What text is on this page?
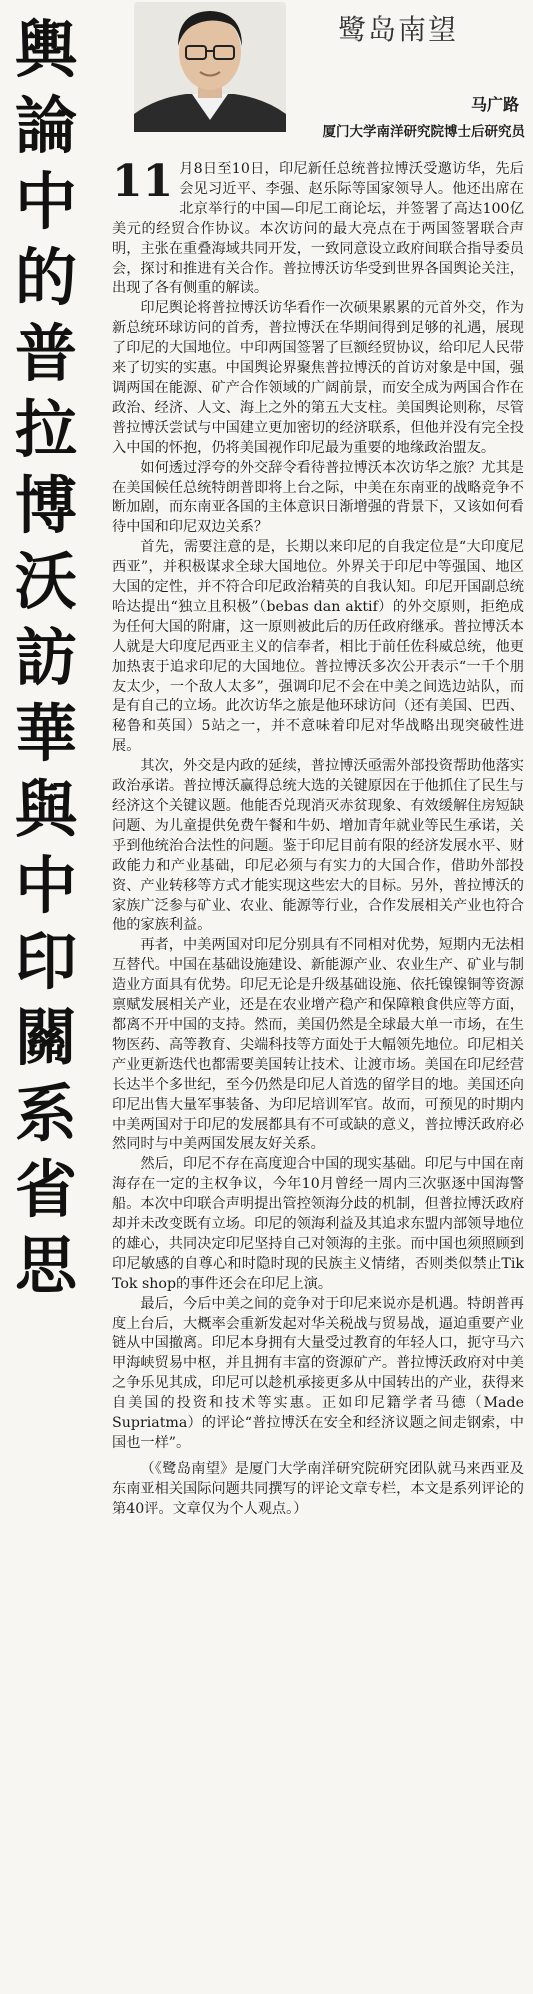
輿
論
中
的
普
拉
博
沃
訪
華
與
中
印
關
系
省
思
鹭岛南望
马广路
厦门大学南洋研究院博士后研究员

11 月8日至10日，印尼新任总统普拉博沃受邀访华，先后会见习近平、李强、赵乐际等国家领导人。他还出席在北京举行的中国—印尼工商论坛，并签署了高达100亿美元的经贸合作协议。本次访问的最大亮点在于两国签署联合声明，主张在重叠海域共同开发，一致同意设立政府间联合指导委员会，探讨和推进有关合作。普拉博沃访华受到世界各国舆论关注，出现了各有侧重的解读。

印尼舆论将普拉博沃访华看作一次硕果累累的元首外交，作为新总统环球访问的首秀，普拉博沃在华期间得到足够的礼遇，展现了印尼的大国地位。中印两国签署了巨额经贸协议，给印尼人民带来了切实的实惠。中国舆论界聚焦普拉博沃的首访对象是中国，强调两国在能源、矿产合作领域的广阔前景，而安全成为两国合作在政治、经济、人文、海上之外的第五大支柱。美国舆论则称，尽管普拉博沃尝试与中国建立更加密切的经济联系，但他并没有完全投入中国的怀抱，仍将美国视作印尼最为重要的地缘政治盟友。

如何透过浮夸的外交辞令看待普拉博沃本次访华之旅？尤其是在美国候任总统特朗普即将上台之际，中美在东南亚的战略竞争不断加剧，而东南亚各国的主体意识日渐增强的背景下，又该如何看待中国和印尼双边关系？

首先，需要注意的是，长期以来印尼的自我定位是“大印度尼西亚”，并积极谋求全球大国地位。外界关于印尼中等强国、地区大国的定性，并不符合印尼政治精英的自我认知。印尼开国副总统哈达提出“独立且积极”（bebas dan aktif）的外交原则，拒绝成为任何大国的附庸，这一原则被此后的历任政府继承。普拉博沃本人就是大印度尼西亚主义的信奉者，相比于前任佐科威总统，他更加热衷于追求印尼的大国地位。普拉博沃多次公开表示“一千个朋友太少，一个敌人太多”，强调印尼不会在中美之间选边站队，而是有自己的立场。此次访华之旅是他环球访问（还有美国、巴西、秘鲁和英国）5站之一，并不意味着印尼对华战略出现突破性进展。

其次，外交是内政的延续，普拉博沃亟需外部投资帮助他落实政治承诺。普拉博沃赢得总统大选的关键原因在于他抓住了民生与经济这个关键议题。他能否兑现消灭赤贫现象、有效缓解住房短缺问题、为儿童提供免费午餐和牛奶、增加青年就业等民生承诺，关乎到他统治合法性的问题。鉴于印尼目前有限的经济发展水平、财政能力和产业基础，印尼必须与有实力的大国合作，借助外部投资、产业转移等方式才能实现这些宏大的目标。另外，普拉博沃的家族广泛参与矿业、农业、能源等行业，合作发展相关产业也符合他的家族利益。

再者，中美两国对印尼分别具有不同相对优势，短期内无法相互替代。中国在基础设施建设、新能源产业、农业生产、矿业与制造业方面具有优势。印尼无论是升级基础设施、依托镍镍铜等资源禀赋发展相关产业，还是在农业增产稳产和保障粮食供应等方面，都离不开中国的支持。然而，美国仍然是全球最大单一市场，在生物医药、高等教育、尖端科技等方面处于大幅领先地位。印尼相关产业更新迭代也都需要美国转让技术、让渡市场。美国在印尼经营长达半个多世纪，至今仍然是印尼人首选的留学目的地。美国还向印尼出售大量军事装备、为印尼培训军官。故而，可预见的时期内中美两国对于印尼的发展都具有不可或缺的意义，普拉博沃政府必然同时与中美两国发展友好关系。

然后，印尼不存在高度迎合中国的现实基础。印尼与中国在南海存在一定的主权争议，今年10月曾经一周内三次驱逐中国海警船。本次中印联合声明提出管控领海分歧的机制，但普拉博沃政府却并未改变既有立场。印尼的领海利益及其追求东盟内部领导地位的雄心，共同决定印尼坚持自己对领海的主张。而中国也须照顾到印尼敏感的自尊心和时隐时现的民族主义情绪，否则类似禁止Tik Tok shop的事件还会在印尼上演。

最后，今后中美之间的竞争对于印尼来说亦是机遇。特朗普再度上台后，大概率会重新发起对华关税战与贸易战，逼迫重要产业链从中国撤离。印尼本身拥有大量受过教育的年轻人口，扼守马六甲海峡贸易中枢，并且拥有丰富的资源矿产。普拉博沃政府对中美之争乐见其成，印尼可以趁机承接更多从中国转出的产业，获得来自美国的投资和技术等实惠。正如印尼籍学者马德（Made Supriatma）的评论“普拉博沃在安全和经济议题之间走钢索，中国也一样”。

（《鹭岛南望》是厦门大学南洋研究院研究团队就马来西亚及东南亚相关国际问题共同撰写的评论文章专栏，本文是系列评论的第40评。文章仅为个人观点。）
